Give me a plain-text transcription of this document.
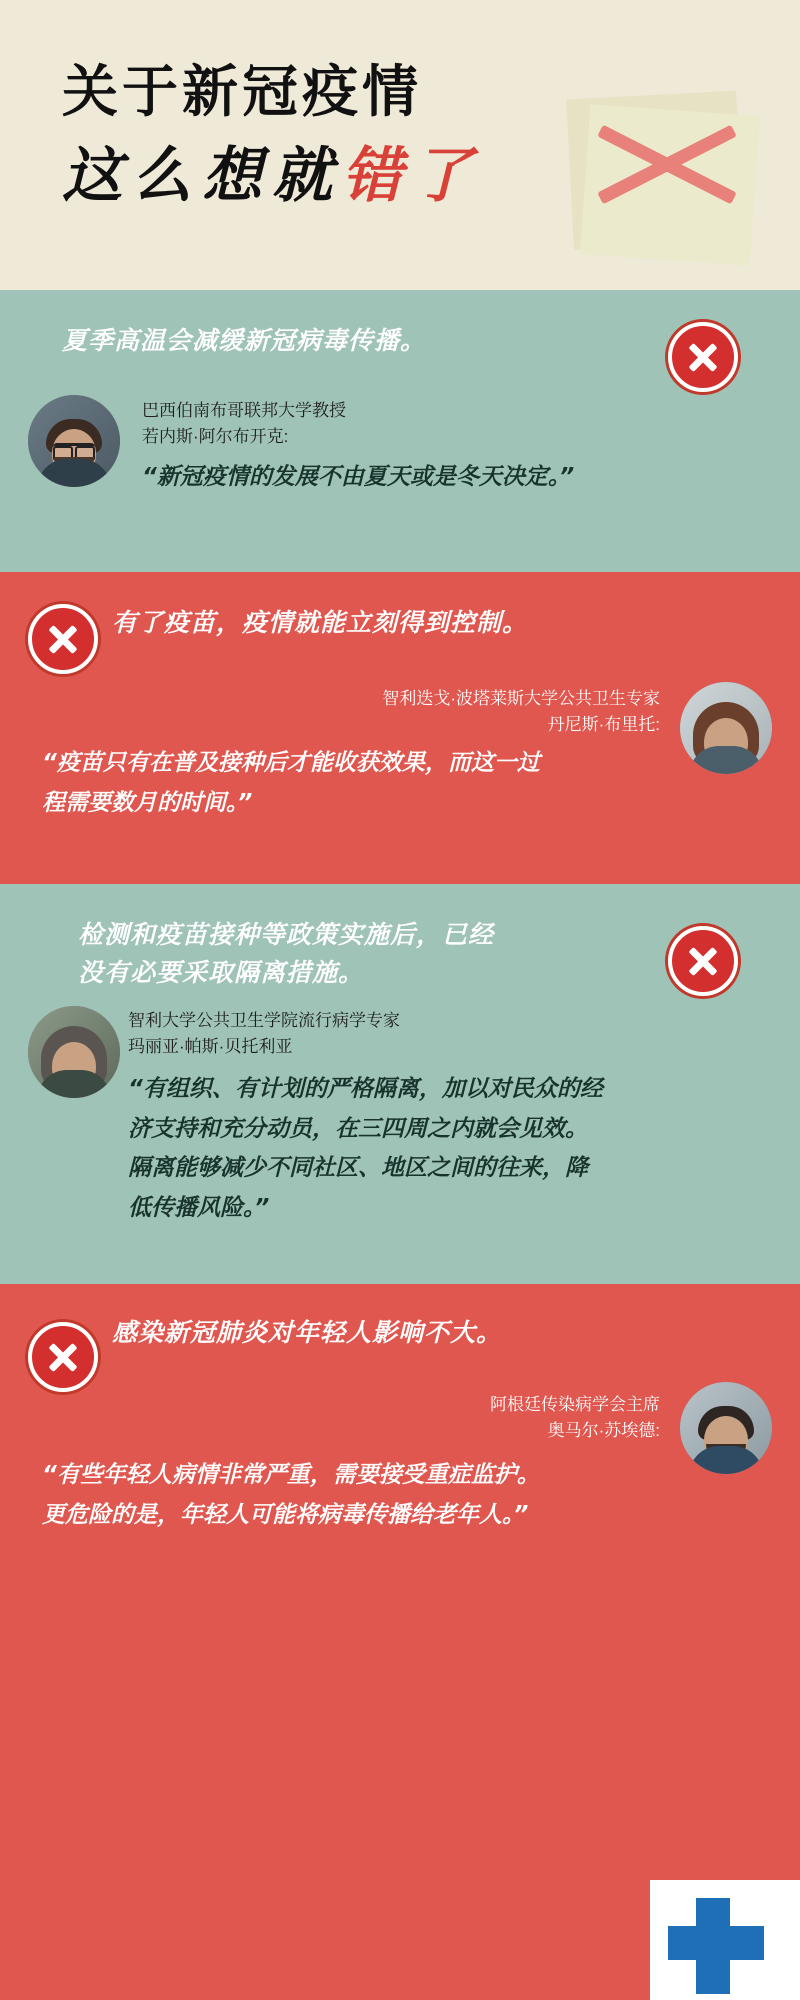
关于新冠疫情
这么想就错了
夏季高温会减缓新冠病毒传播。
巴西伯南布哥联邦大学教授
若内斯·阿尔布开克:
“新冠疫情的发展不由夏天或是冬天决定。”
有了疫苗，疫情就能立刻得到控制。
智利迭戈·波塔莱斯大学公共卫生专家
丹尼斯·布里托:
“疫苗只有在普及接种后才能收获效果，而这一过程需要数月的时间。”
检测和疫苗接种等政策实施后，已经没有必要采取隔离措施。
智利大学公共卫生学院流行病学专家
玛丽亚·帕斯·贝托利亚
“有组织、有计划的严格隔离，加以对民众的经济支持和充分动员，在三四周之内就会见效。隔离能够减少不同社区、地区之间的往来，降低传播风险。”
感染新冠肺炎对年轻人影响不大。
阿根廷传染病学会主席
奥马尔·苏埃德:
“有些年轻人病情非常严重，需要接受重症监护。更危险的是，年轻人可能将病毒传播给老年人。”
